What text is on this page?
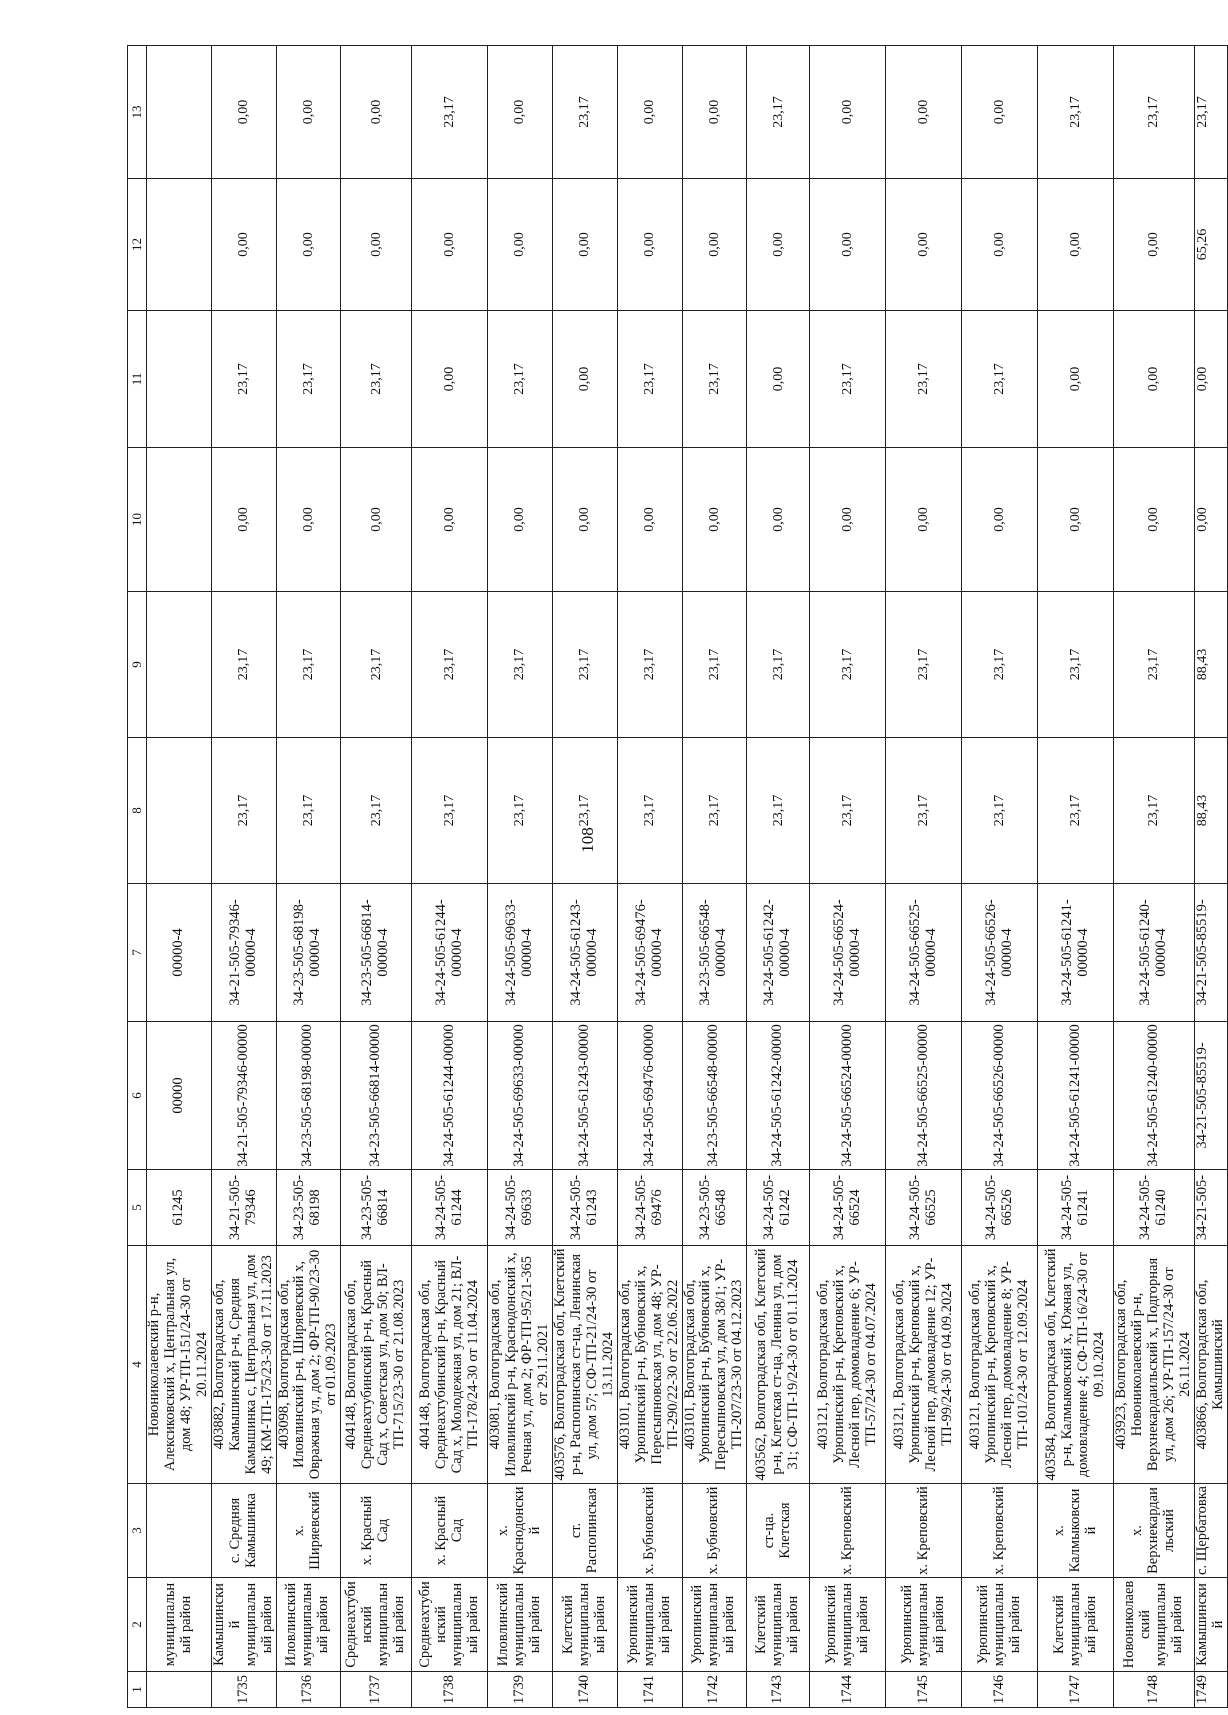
108
1	2	3	4	5	6	7	8	9	10	11	12	13
	муниципальный район		Новониколаевский р-н, Алексиковский х, Центральная ул, дом 48; УР-ТП-151/24-30 от 20.11.2024	61245	00000	00000-4						
1735	Камышинский муниципальный район	с. Средняя Камышинка	403882, Волгоградская обл, Камышинский р-н, Средняя Камышинка с, Центральная ул, дом 49; КМ-ТП-175/23-30 от 17.11.2023	34-21-505-79346	34-21-505-79346-00000	34-21-505-79346-00000-4	23,17	23,17	0,00	23,17	0,00	0,00
1736	Иловлинский муниципальный район	х. Ширяевский	403098, Волгоградская обл, Иловлинский р-н, Ширяевский х, Овражная ул, дом 2; ФР-ТП-90/23-30 от 01.09.2023	34-23-505-68198	34-23-505-68198-00000	34-23-505-68198-00000-4	23,17	23,17	0,00	23,17	0,00	0,00
1737	Среднеахтубинский муниципальный район	х. Красный Сад	404148, Волгоградская обл, Среднеахтубинский р-н, Красный Сад х, Советская ул, дом 50; ВЛ-ТП-715/23-30 от 21.08.2023	34-23-505-66814	34-23-505-66814-00000	34-23-505-66814-00000-4	23,17	23,17	0,00	23,17	0,00	0,00
1738	Среднеахтубинский муниципальный район	х. Красный Сад	404148, Волгоградская обл, Среднеахтубинский р-н, Красный Сад х, Молодежная ул, дом 21; ВЛ-ТП-178/24-30 от 11.04.2024	34-24-505-61244	34-24-505-61244-00000	34-24-505-61244-00000-4	23,17	23,17	0,00	0,00	0,00	23,17
1739	Иловлинский муниципальный район	х. Краснодонский	403081, Волгоградская обл, Иловлинский р-н, Краснодонский х, Речная ул, дом 2; ФР-ТП-95/21-365 от 29.11.2021	34-24-505-69633	34-24-505-69633-00000	34-24-505-69633-00000-4	23,17	23,17	0,00	23,17	0,00	0,00
1740	Клетский муниципальный район	ст. Распопинская	403576, Волгоградская обл, Клетский р-н, Распопинская ст-ца, Ленинская ул, дом 57; СФ-ТП-21/24-30 от 13.11.2024	34-24-505-61243	34-24-505-61243-00000	34-24-505-61243-00000-4	23,17	23,17	0,00	0,00	0,00	23,17
1741	Урюпинский муниципальный район	х. Бубновский	403101, Волгоградская обл, Урюпинский р-н, Бубновский х, Пересыпновская ул, дом 48; УР-ТП-290/22-30 от 22.06.2022	34-24-505-69476	34-24-505-69476-00000	34-24-505-69476-00000-4	23,17	23,17	0,00	23,17	0,00	0,00
1742	Урюпинский муниципальный район	х. Бубновский	403101, Волгоградская обл, Урюпинский р-н, Бубновский х, Пересыпновская ул, дом 38/1; УР-ТП-207/23-30 от 04.12.2023	34-23-505-66548	34-23-505-66548-00000	34-23-505-66548-00000-4	23,17	23,17	0,00	23,17	0,00	0,00
1743	Клетский муниципальный район	ст-ца. Клетская	403562, Волгоградская обл, Клетский р-н, Клетская ст-ца, Ленина ул, дом 31; СФ-ТП-19/24-30 от 01.11.2024	34-24-505-61242	34-24-505-61242-00000	34-24-505-61242-00000-4	23,17	23,17	0,00	0,00	0,00	23,17
1744	Урюпинский муниципальный район	х. Креповский	403121, Волгоградская обл, Урюпинский р-н, Креповский х, Лесной пер, домовладение 6; УР-ТП-57/24-30 от 04.07.2024	34-24-505-66524	34-24-505-66524-00000	34-24-505-66524-00000-4	23,17	23,17	0,00	23,17	0,00	0,00
1745	Урюпинский муниципальный район	х. Креповский	403121, Волгоградская обл, Урюпинский р-н, Креповский х, Лесной пер, домовладение 12; УР-ТП-99/24-30 от 04.09.2024	34-24-505-66525	34-24-505-66525-00000	34-24-505-66525-00000-4	23,17	23,17	0,00	23,17	0,00	0,00
1746	Урюпинский муниципальный район	х. Креповский	403121, Волгоградская обл, Урюпинский р-н, Креповский х, Лесной пер, домовладение 8; УР-ТП-101/24-30 от 12.09.2024	34-24-505-66526	34-24-505-66526-00000	34-24-505-66526-00000-4	23,17	23,17	0,00	23,17	0,00	0,00
1747	Клетский муниципальный район	х. Калмыковский	403584, Волгоградская обл, Клетский р-н, Калмыковский х, Южная ул, домовладение 4; СФ-ТП-16/24-30 от 09.10.2024	34-24-505-61241	34-24-505-61241-00000	34-24-505-61241-00000-4	23,17	23,17	0,00	0,00	0,00	23,17
1748	Новониколаевский муниципальный район	х. Верхнекардаильский	403923, Волгоградская обл, Новониколаевский р-н, Верхнекардаильский х, Подгорная ул, дом 26; УР-ТП-157/24-30 от 26.11.2024	34-24-505-61240	34-24-505-61240-00000	34-24-505-61240-00000-4	23,17	23,17	0,00	0,00	0,00	23,17
1749	Камышинский	с. Щербатовка	403866, Волгоградская обл, Камышинский	34-21-505-	34-21-505-85519-	34-21-505-85519-	88,43	88,43	0,00	0,00	65,26	23,17
